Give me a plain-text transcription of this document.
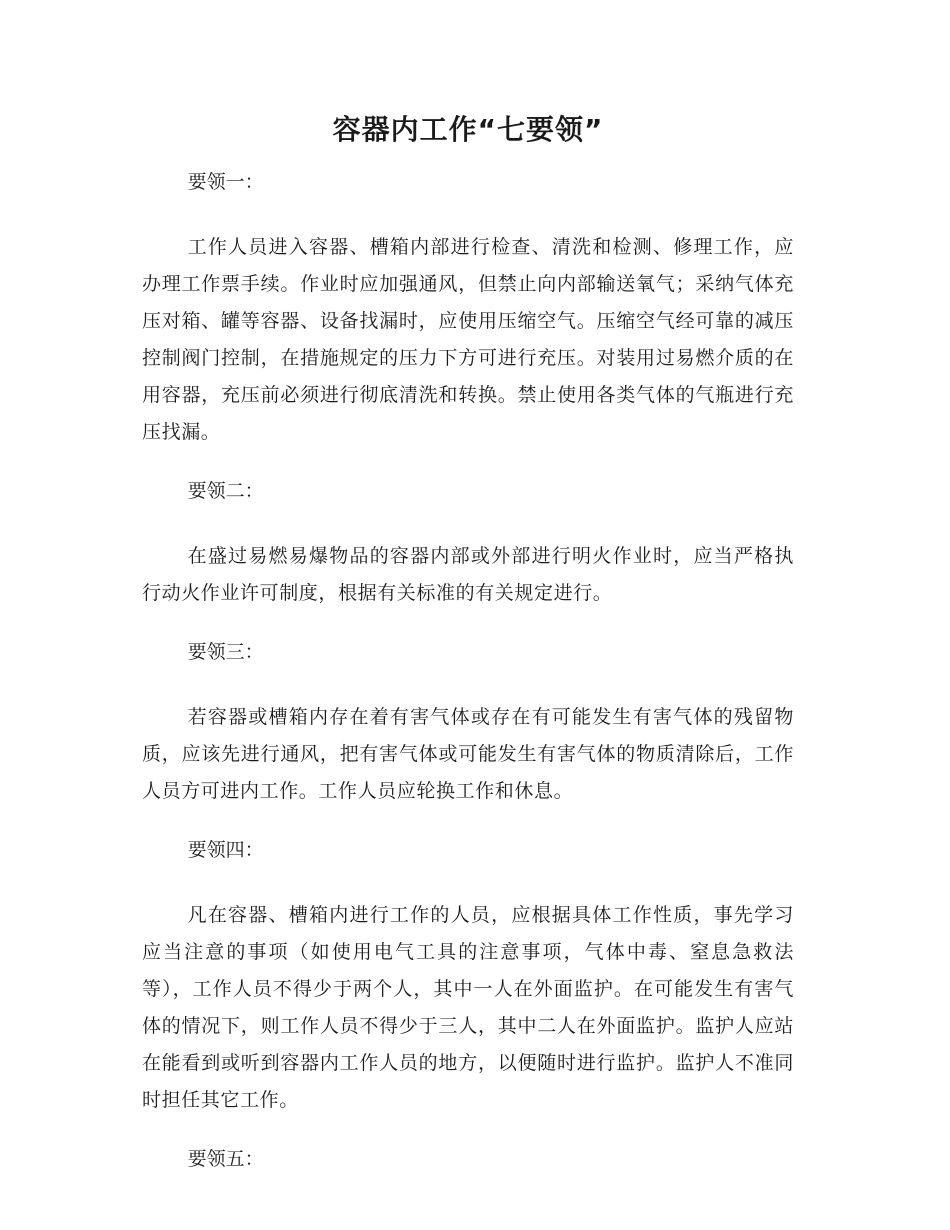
容器内工作“七要领”

要领一：

工作人员进入容器、槽箱内部进行检查、清洗和检测、修理工作，应办理工作票手续。作业时应加强通风，但禁止向内部输送氧气；采纳气体充压对箱、罐等容器、设备找漏时，应使用压缩空气。压缩空气经可靠的减压控制阀门控制，在措施规定的压力下方可进行充压。对装用过易燃介质的在用容器，充压前必须进行彻底清洗和转换。禁止使用各类气体的气瓶进行充压找漏。

要领二：

在盛过易燃易爆物品的容器内部或外部进行明火作业时，应当严格执行动火作业许可制度，根据有关标准的有关规定进行。

要领三：

若容器或槽箱内存在着有害气体或存在有可能发生有害气体的残留物质，应该先进行通风，把有害气体或可能发生有害气体的物质清除后，工作人员方可进内工作。工作人员应轮换工作和休息。

要领四：

凡在容器、槽箱内进行工作的人员，应根据具体工作性质，事先学习应当注意的事项（如使用电气工具的注意事项，气体中毒、窒息急救法等），工作人员不得少于两个人，其中一人在外面监护。在可能发生有害气体的情况下，则工作人员不得少于三人，其中二人在外面监护。监护人应站在能看到或听到容器内工作人员的地方，以便随时进行监护。监护人不准同时担任其它工作。

要领五：
